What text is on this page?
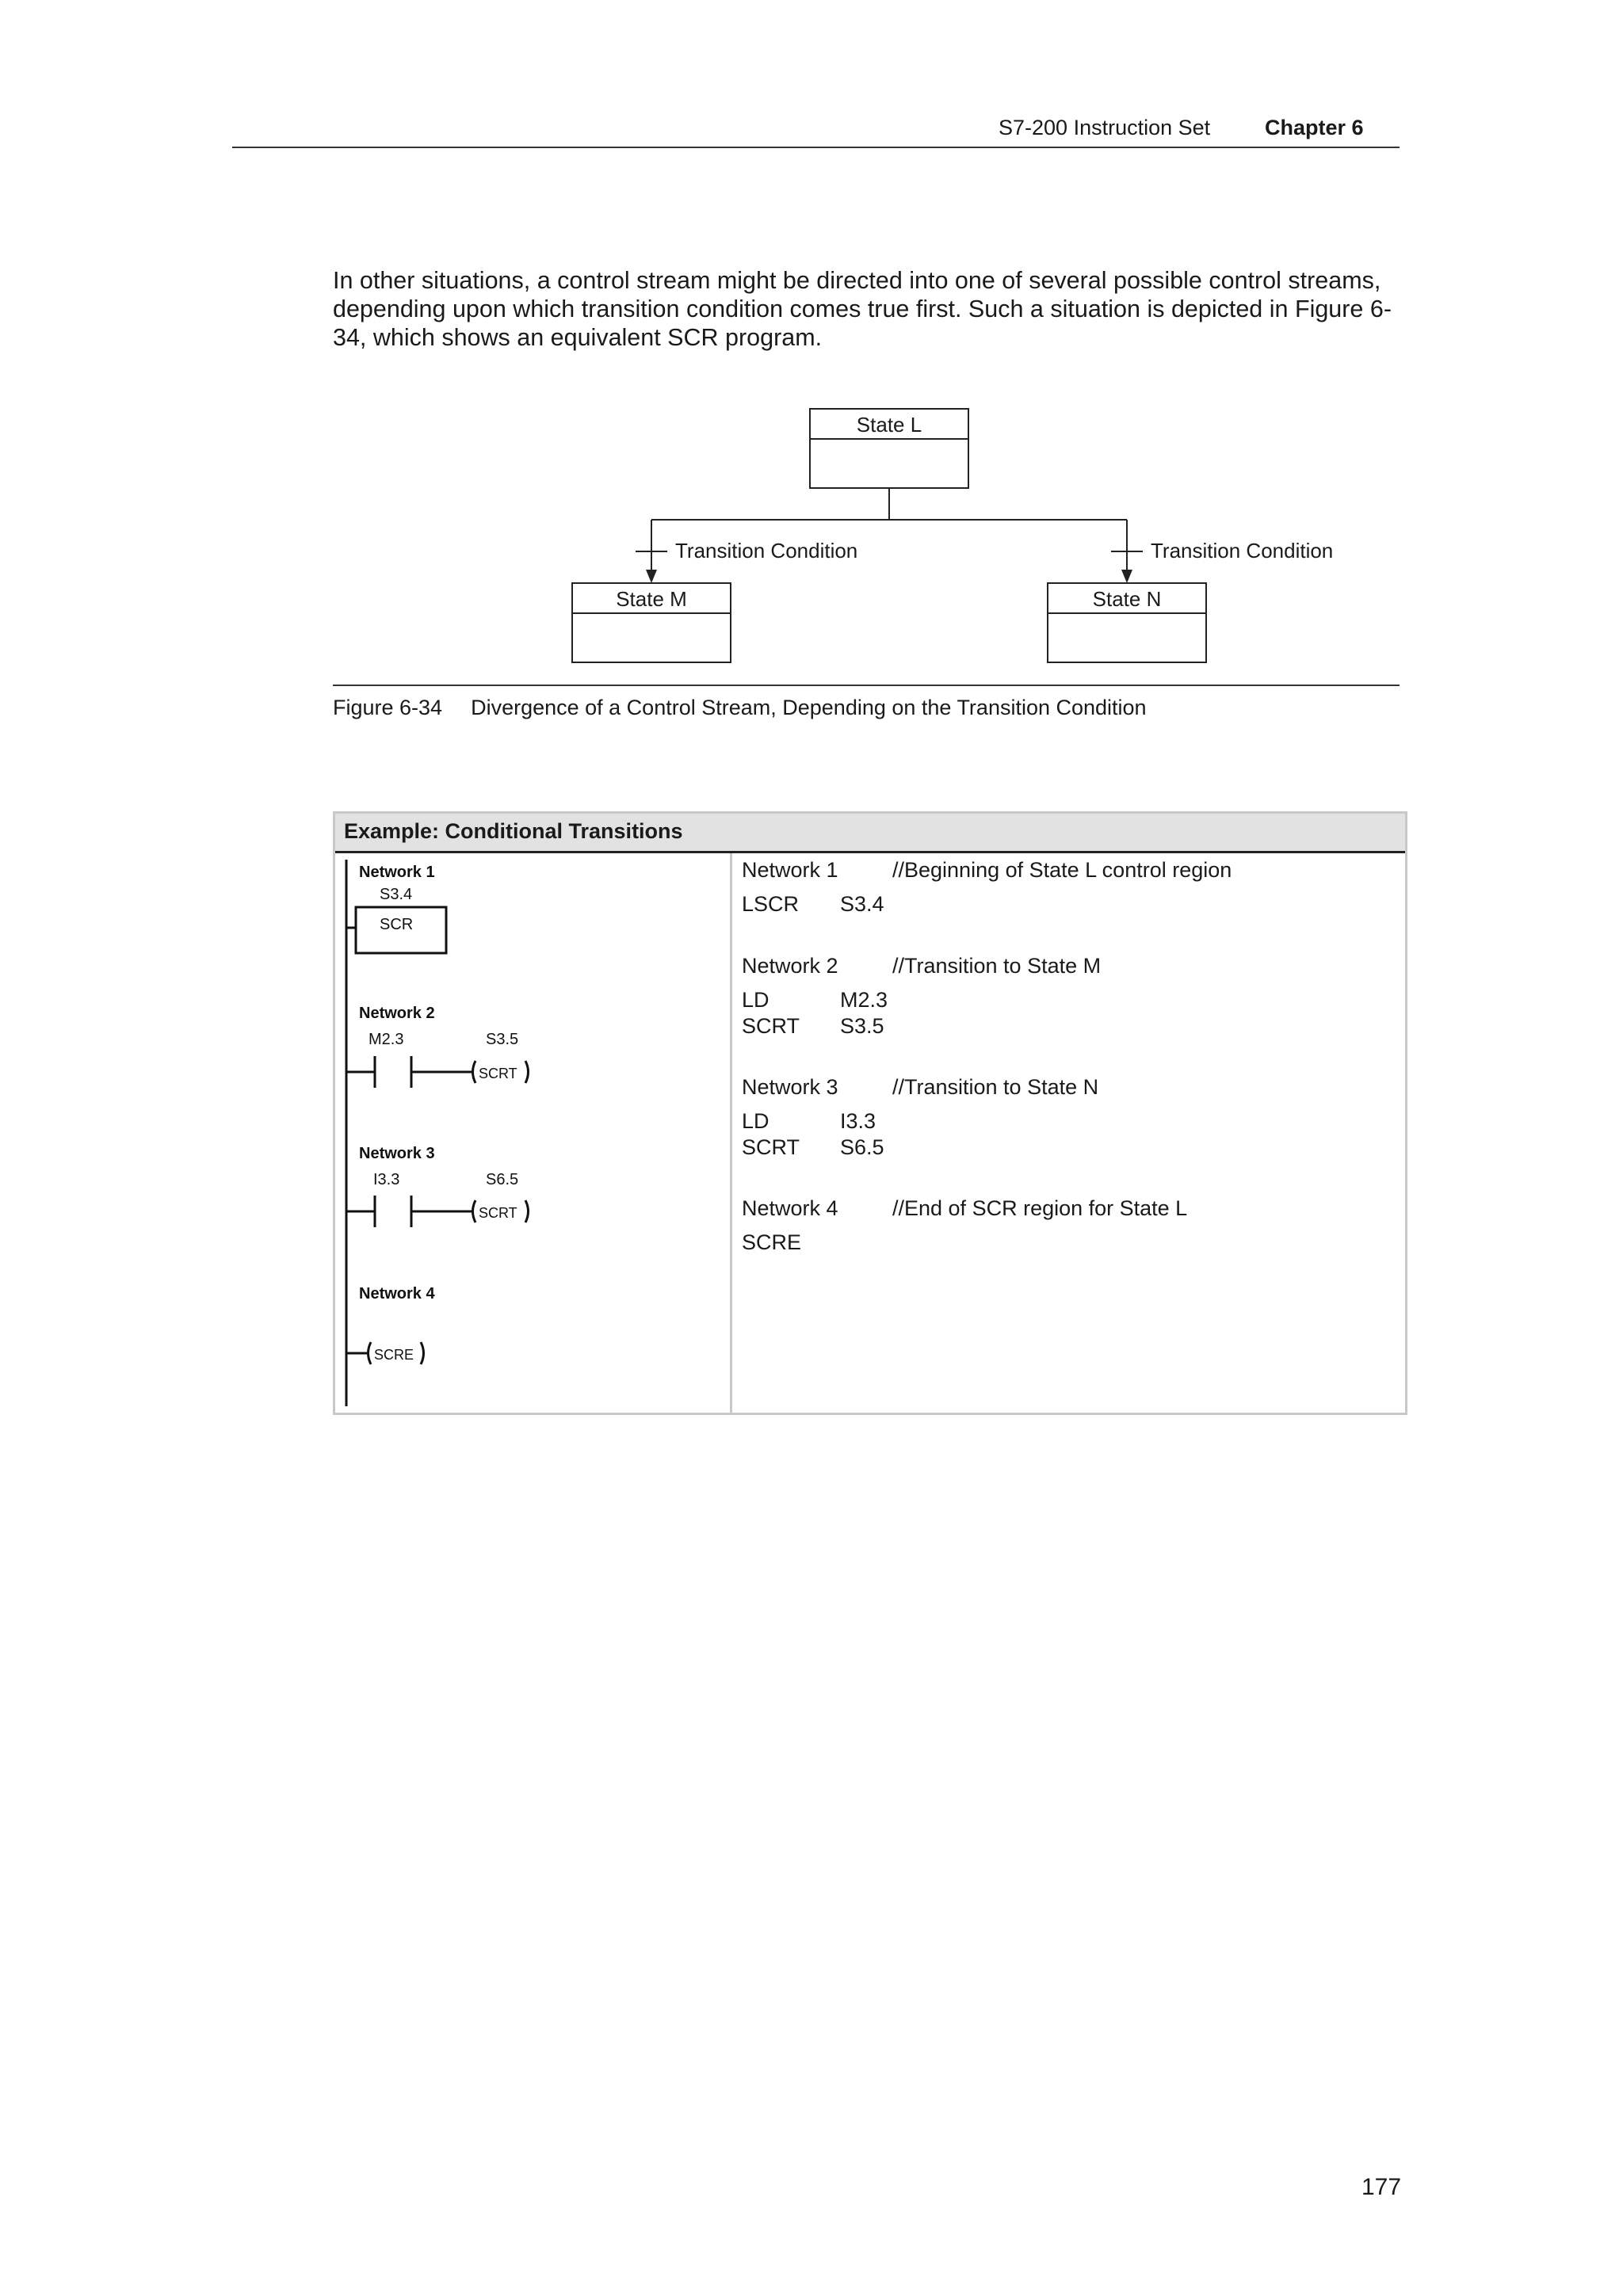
S7-200 Instruction Set	Chapter 6
In other situations, a control stream might be directed into one of several possible control streams, depending upon which transition condition comes true first. Such a situation is depicted in Figure 6-34, which shows an equivalent SCR program.
State L
State M	State N
Transition Condition	Transition Condition
Figure 6-34 Divergence of a Control Stream, Depending on the Transition Condition
Example: Conditional Transitions
Network 1
S3.4
SCR
Network 2
M2.3	S3.5
SCRT
Network 3
I3.3	S6.5
SCRT
Network 4
SCRE
Network 1	//Beginning of State L control region
LSCR S3.4
Network 2	//Transition to State M
LD	M2.3
SCRT S3.5
Network 3	//Transition to State N
LD	I3.3
SCRT S6.5
Network 4	//End of SCR region for State L
SCRE
177
